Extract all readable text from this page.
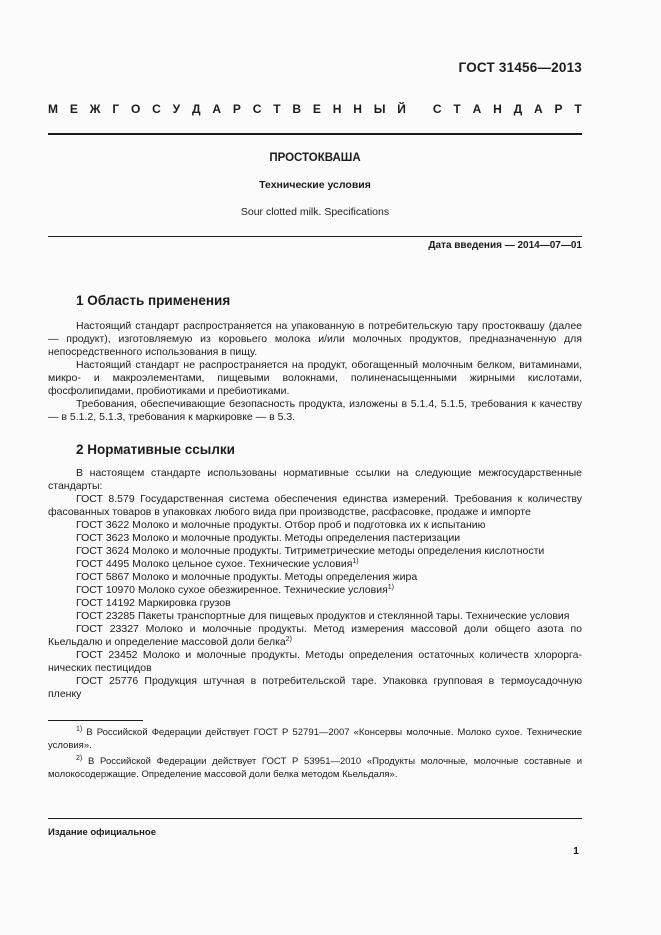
ГОСТ 31456—2013
М Е Ж Г О С У Д А Р С Т В Е Н Н Ы Й
С Т А Н Д А Р Т
ПРОСТОКВАША
Технические условия
Sour clotted milk. Specifications
Дата введения — 2014—07—01
1 Область применения

Настоящий стандарт распространяется на упакованную в потребительскую тару простоквашу (далее — продукт), изготовляемую из коровьего молока и/или молочных продуктов, предназначенную для непосредственного использования в пищу.

Настоящий стандарт не распространяется на продукт, обогащенный молочным белком, витаминами, микро- и макроэлементами, пищевыми волокнами, полиненасыщенными жирными кислотами, фосфолипидами, пробиотиками и пребиотиками.

Требования, обеспечивающие безопасность продукта, изложены в 5.1.4, 5.1.5, требования к качеству — в 5.1.2, 5.1.3, требования к маркировке — в 5.3.

2 Нормативные ссылки

В настоящем стандарте использованы нормативные ссылки на следующие межгосударственные стандарты:

ГОСТ 8.579 Государственная система обеспечения единства измерений. Требования к количеству фасованных товаров в упаковках любого вида при производстве, расфасовке, продаже и импорте

ГОСТ 3622 Молоко и молочные продукты. Отбор проб и подготовка их к испытанию

ГОСТ 3623 Молоко и молочные продукты. Методы определения пастеризации

ГОСТ 3624 Молоко и молочные продукты. Титриметрические методы определения кислотности

ГОСТ 4495 Молоко цельное сухое. Технические условия$^{1)}$

ГОСТ 5867 Молоко и молочные продукты. Методы определения жира

ГОСТ 10970 Молоко сухое обезжиренное. Технические условия$^{1)}$

ГОСТ 14192 Маркировка грузов

ГОСТ 23285 Пакеты транспортные для пищевых продуктов и стеклянной тары. Технические условия

ГОСТ 23327 Молоко и молочные продукты. Метод измерения массовой доли общего азота по Кьельдалю и определение массовой доли белка$^{2)}$

ГОСТ 23452 Молоко и молочные продукты. Методы определения остаточных количеств хлорорганических пестицидов

ГОСТ 25776 Продукция штучная в потребительской таре. Упаковка групповая в термоусадочную пленку

$^{1)}$ В Российской Федерации действует ГОСТ Р 52791—2007 «Консервы молочные. Молоко сухое. Технические условия».

$^{2)}$ В Российской Федерации действует ГОСТ Р 53951—2010 «Продукты молочные, молочные составные и молокосодержащие. Определение массовой доли белка методом Кьельдаля».

Издание официальное
1
